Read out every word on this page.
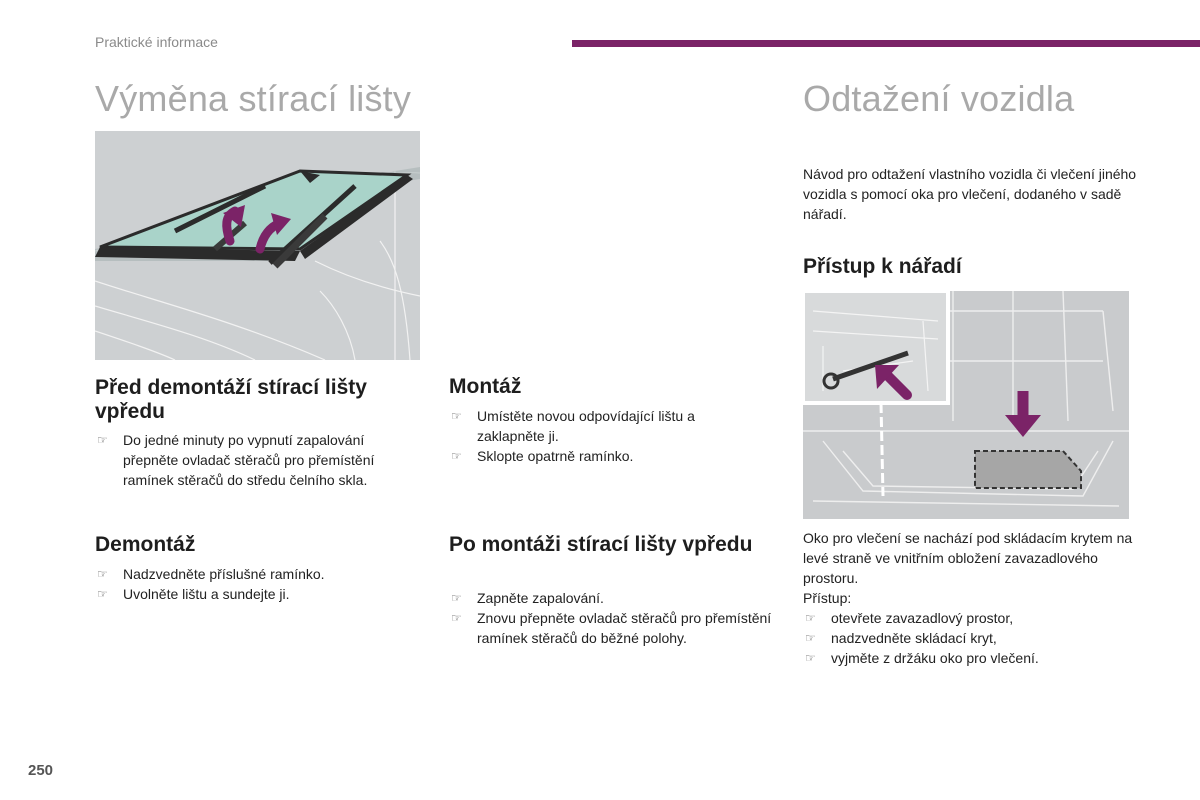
Praktické informace
Výměna stírací lišty
Před demontáží stírací lišty vpředu
☞ Do jedné minuty po vypnutí zapalování přepněte ovladač stěračů pro přemístění ramínek stěračů do středu čelního skla.
Demontáž
☞ Nadzvedněte příslušné ramínko.
☞ Uvolněte lištu a sundejte ji.
Montáž
☞ Umístěte novou odpovídající lištu a zaklapněte ji.
☞ Sklopte opatrně ramínko.
Po montáži stírací lišty vpředu
☞ Zapněte zapalování.
☞ Znovu přepněte ovladač stěračů pro přemístění ramínek stěračů do běžné polohy.
Odtažení vozidla

Návod pro odtažení vlastního vozidla či vlečení jiného vozidla s pomocí oka pro vlečení, dodaného v sadě nářadí.

Přístup k nářadí

Oko pro vlečení se nachází pod skládacím krytem na levé straně ve vnitřním obložení zavazadlového prostoru.

Přístup:

☞ otevřete zavazadlový prostor,
☞ nadzvedněte skládací kryt,
☞ vyjměte z držáku oko pro vlečení.
250
